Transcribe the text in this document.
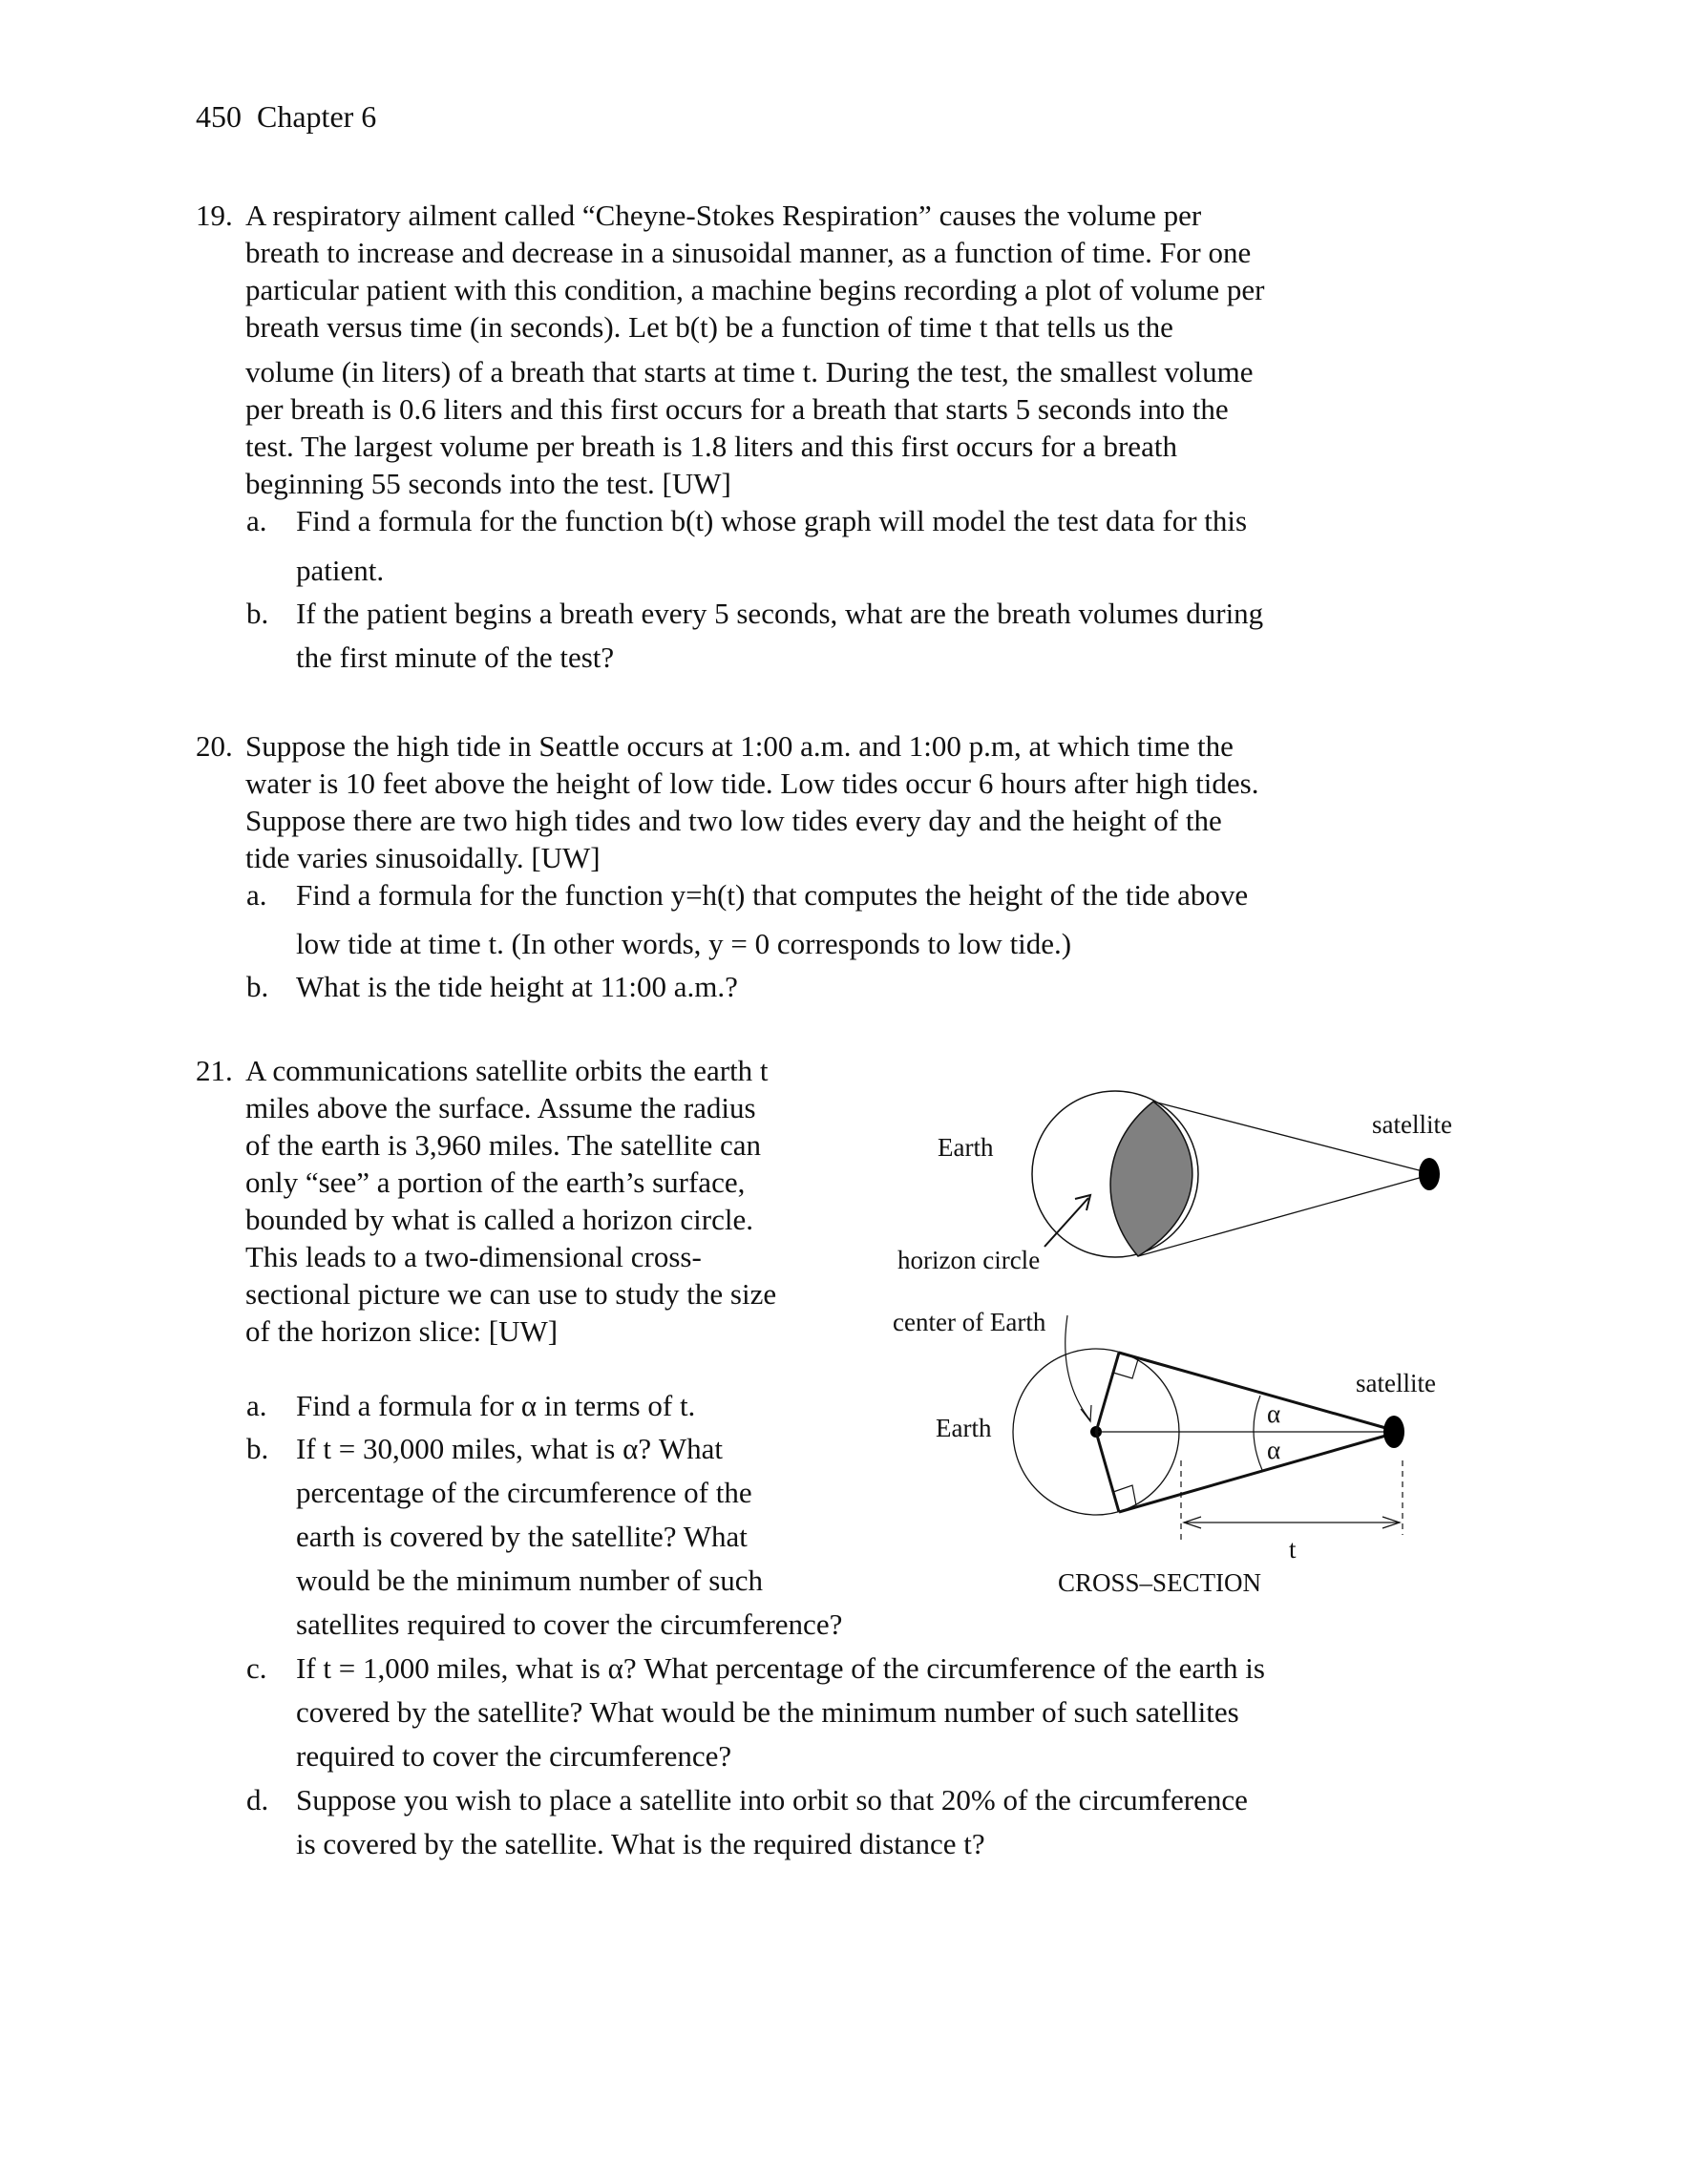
450 Chapter 6
19. A respiratory ailment called “Cheyne-Stokes Respiration” causes the volume per
breath to increase and decrease in a sinusoidal manner, as a function of time. For one
particular patient with this condition, a machine begins recording a plot of volume per
breath versus time (in seconds). Let b(t) be a function of time t that tells us the
volume (in liters) of a breath that starts at time t. During the test, the smallest volume
per breath is 0.6 liters and this first occurs for a breath that starts 5 seconds into the
test. The largest volume per breath is 1.8 liters and this first occurs for a breath
beginning 55 seconds into the test. [UW]
a. Find a formula for the function b(t) whose graph will model the test data for this
patient.
b. If the patient begins a breath every 5 seconds, what are the breath volumes during
the first minute of the test?
20. Suppose the high tide in Seattle occurs at 1:00 a.m. and 1:00 p.m, at which time the
water is 10 feet above the height of low tide. Low tides occur 6 hours after high tides.
Suppose there are two high tides and two low tides every day and the height of the
tide varies sinusoidally. [UW]
a. Find a formula for the function y=h(t) that computes the height of the tide above
low tide at time t. (In other words, y = 0 corresponds to low tide.)
b. What is the tide height at 11:00 a.m.?
21. A communications satellite orbits the earth t
miles above the surface. Assume the radius
of the earth is 3,960 miles. The satellite can
only “see” a portion of the earth’s surface,
bounded by what is called a horizon circle.
This leads to a two-dimensional cross-
sectional picture we can use to study the size
of the horizon slice: [UW]
a. Find a formula for α in terms of t.
b. If t = 30,000 miles, what is α? What
percentage of the circumference of the
earth is covered by the satellite? What
would be the minimum number of such
satellites required to cover the circumference?
c. If t = 1,000 miles, what is α? What percentage of the circumference of the earth is
covered by the satellite? What would be the minimum number of such satellites
required to cover the circumference?
d. Suppose you wish to place a satellite into orbit so that 20% of the circumference
is covered by the satellite. What is the required distance t?
Earth
satellite
horizon circle
center of Earth
Earth
satellite
α
α
t
CROSS–SECTION
